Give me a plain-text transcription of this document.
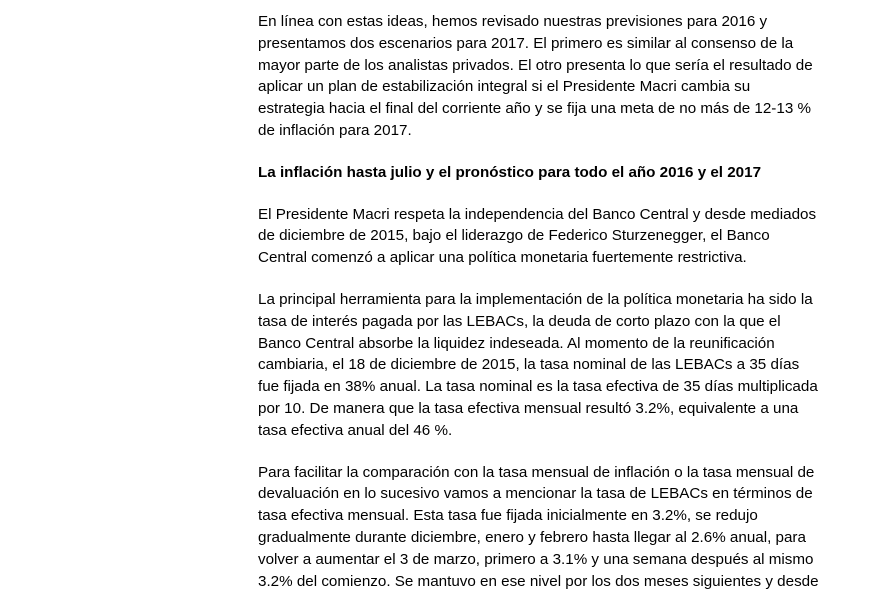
En línea con estas ideas, hemos revisado nuestras previsiones para 2016 y
presentamos dos escenarios para 2017. El primero es similar al consenso de la
mayor parte de los analistas privados. El otro presenta lo que sería el resultado de
aplicar un plan de estabilización integral si el Presidente Macri cambia su
estrategia hacia el final del corriente año y se fija una meta de no más de 12-13 %
de inflación para 2017.
La inflación hasta julio y el pronóstico para todo el año 2016 y el 2017
El Presidente Macri respeta la independencia del Banco Central y desde mediados
de diciembre de 2015, bajo el liderazgo de Federico Sturzenegger, el Banco
Central comenzó a aplicar una política monetaria fuertemente restrictiva.
La principal herramienta para la implementación de la política monetaria ha sido la
tasa de interés pagada por las LEBACs, la deuda de corto plazo con la que el
Banco Central absorbe la liquidez indeseada. Al momento de la reunificación
cambiaria, el 18 de diciembre de 2015, la tasa nominal de las LEBACs a 35 días
fue fijada en 38% anual. La tasa nominal es la tasa efectiva de 35 días multiplicada
por 10. De manera que la tasa efectiva mensual resultó 3.2%, equivalente a una
tasa efectiva anual del 46 %.
Para facilitar la comparación con la tasa mensual de inflación o la tasa mensual de
devaluación en lo sucesivo vamos a mencionar la tasa de LEBACs en términos de
tasa efectiva mensual. Esta tasa fue fijada inicialmente en 3.2%, se redujo
gradualmente durante diciembre, enero y febrero hasta llegar al 2.6% anual, para
volver a aumentar el 3 de marzo, primero a 3.1% y una semana después al mismo
3.2% del comienzo. Se mantuvo en ese nivel por los dos meses siguientes y desde
